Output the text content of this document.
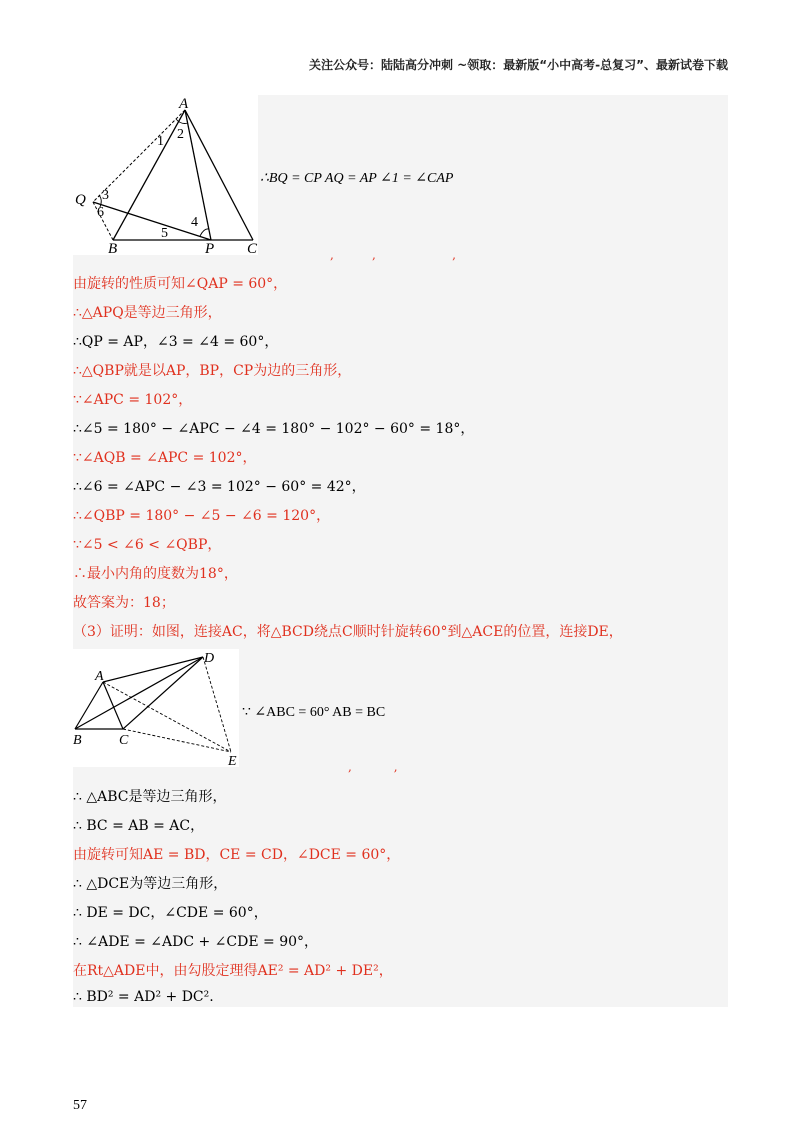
关注公众号：陆陆高分冲刺 ~领取：最新版“小中高考-总复习”、最新试卷下载
A
B	C
P
Q
1 2
3
4
5
6
∴BQ = CP AQ = AP ∠1 = ∠CAP
,          ,                    ,
由旋转的性质可知∠QAP = 60°，
∴△APQ是等边三角形，
∴QP = AP，∠3 = ∠4 = 60°，
∴△QBP就是以AP，BP，CP为边的三角形，
∵∠APC = 102°，
∴∠5 = 180° − ∠APC − ∠4 = 180° − 102° − 60° = 18°，
∵∠AQB = ∠APC = 102°，
∴∠6 = ∠APC − ∠3 = 102° − 60° = 42°，
∴∠QBP = 180° − ∠5 − ∠6 = 120°，
∵∠5 < ∠6 < ∠QBP，
∴最小内角的度数为18°，
故答案为：18；
（3）证明：如图，连接AC，将△BCD绕点C顺时针旋转60°到△ACE的位置，连接DE，
A
B	C
D
E
∵ ∠ABC = 60° AB = BC
,           ,
∴ △ABC是等边三角形，
∴ BC = AB = AC，
由旋转可知AE = BD，CE = CD，∠DCE = 60°，
∴ △DCE为等边三角形，
∴ DE = DC，∠CDE = 60°，
∴ ∠ADE = ∠ADC + ∠CDE = 90°，
在Rt△ADE中，由勾股定理得AE² = AD² + DE²，
∴ BD² = AD² + DC².
57
